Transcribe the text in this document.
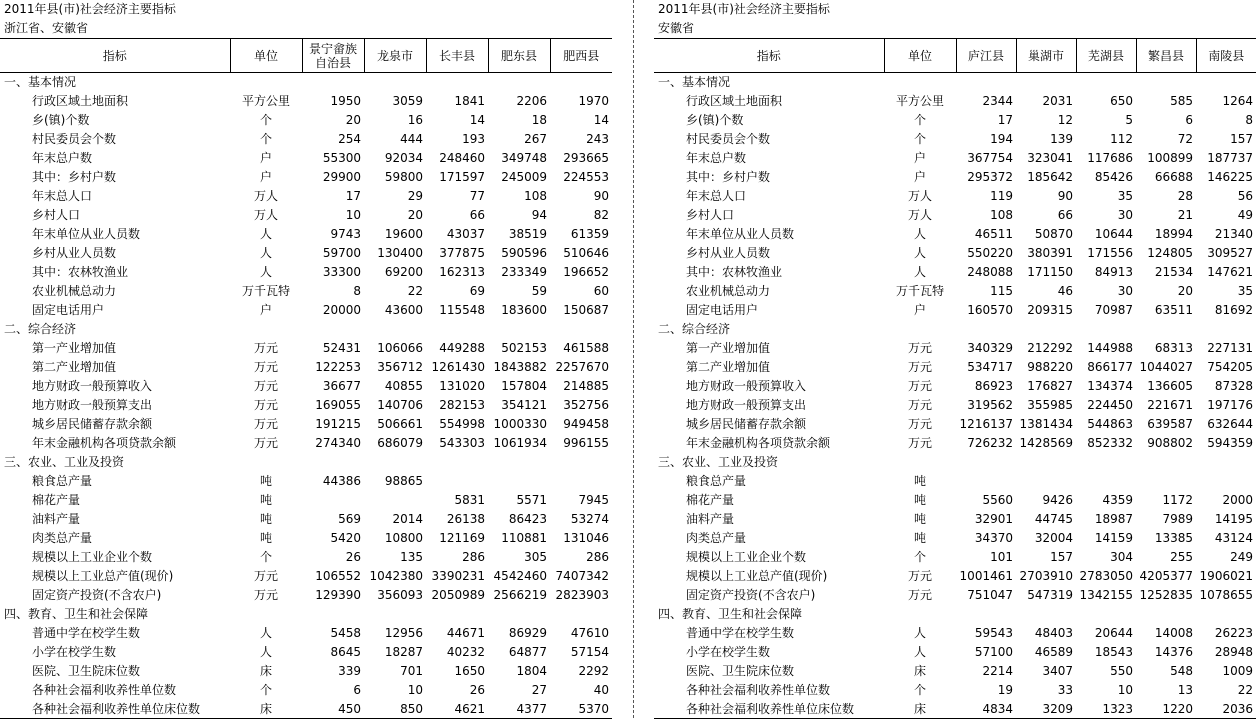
2011年县(市)社会经济主要指标
浙江省、安徽省
指标	单位	景宁畲族自治县	龙泉市	长丰县	肥东县	肥西县
一、基本情况						
行政区域土地面积	平方公里	1950	3059	1841	2206	1970
乡(镇)个数	个	20	16	14	18	14
村民委员会个数	个	254	444	193	267	243
年末总户数	户	55300	92034	248460	349748	293665
其中：乡村户数	户	29900	59800	171597	245009	224553
年末总人口	万人	17	29	77	108	90
乡村人口	万人	10	20	66	94	82
年末单位从业人员数	人	9743	19600	43037	38519	61359
乡村从业人员数	人	59700	130400	377875	590596	510646
其中：农林牧渔业	人	33300	69200	162313	233349	196652
农业机械总动力	万千瓦特	8	22	69	59	60
固定电话用户	户	20000	43600	115548	183600	150687
二、综合经济						
第一产业增加值	万元	52431	106066	449288	502153	461588
第二产业增加值	万元	122253	356712	1261430	1843882	2257670
地方财政一般预算收入	万元	36677	40855	131020	157804	214885
地方财政一般预算支出	万元	169055	140706	282153	354121	352756
城乡居民储蓄存款余额	万元	191215	506661	554998	1000330	949458
年末金融机构各项贷款余额	万元	274340	686079	543303	1061934	996155
三、农业、工业及投资						
粮食总产量	吨	44386	98865			
棉花产量	吨			5831	5571	7945
油料产量	吨	569	2014	26138	86423	53274
肉类总产量	吨	5420	10800	121169	110881	131046
规模以上工业企业个数	个	26	135	286	305	286
规模以上工业总产值(现价)	万元	106552	1042380	3390231	4542460	7407342
固定资产投资(不含农户)	万元	129390	356093	2050989	2566219	2823903
四、教育、卫生和社会保障						
普通中学在校学生数	人	5458	12956	44671	86929	47610
小学在校学生数	人	8645	18287	40232	64877	57154
医院、卫生院床位数	床	339	701	1650	1804	2292
各种社会福利收养性单位数	个	6	10	26	27	40
各种社会福利收养性单位床位数	床	450	850	4621	4377	5370
2011年县(市)社会经济主要指标
安徽省
指标	单位	庐江县	巢湖市	芜湖县	繁昌县	南陵县
一、基本情况						
行政区域土地面积	平方公里	2344	2031	650	585	1264
乡(镇)个数	个	17	12	5	6	8
村民委员会个数	个	194	139	112	72	157
年末总户数	户	367754	323041	117686	100899	187737
其中：乡村户数	户	295372	185642	85426	66688	146225
年末总人口	万人	119	90	35	28	56
乡村人口	万人	108	66	30	21	49
年末单位从业人员数	人	46511	50870	10644	18994	21340
乡村从业人员数	人	550220	380391	171556	124805	309527
其中：农林牧渔业	人	248088	171150	84913	21534	147621
农业机械总动力	万千瓦特	115	46	30	20	35
固定电话用户	户	160570	209315	70987	63511	81692
二、综合经济						
第一产业增加值	万元	340329	212292	144988	68313	227131
第二产业增加值	万元	534717	988220	866177	1044027	754205
地方财政一般预算收入	万元	86923	176827	134374	136605	87328
地方财政一般预算支出	万元	319562	355985	224450	221671	197176
城乡居民储蓄存款余额	万元	1216137	1381434	544863	639587	632644
年末金融机构各项贷款余额	万元	726232	1428569	852332	908802	594359
三、农业、工业及投资						
粮食总产量	吨					
棉花产量	吨	5560	9426	4359	1172	2000
油料产量	吨	32901	44745	18987	7989	14195
肉类总产量	吨	34370	32004	14159	13385	43124
规模以上工业企业个数	个	101	157	304	255	249
规模以上工业总产值(现价)	万元	1001461	2703910	2783050	4205377	1906021
固定资产投资(不含农户)	万元	751047	547319	1342155	1252835	1078655
四、教育、卫生和社会保障						
普通中学在校学生数	人	59543	48403	20644	14008	26223
小学在校学生数	人	57100	46589	18543	14376	28948
医院、卫生院床位数	床	2214	3407	550	548	1009
各种社会福利收养性单位数	个	19	33	10	13	22
各种社会福利收养性单位床位数	床	4834	3209	1323	1220	2036
